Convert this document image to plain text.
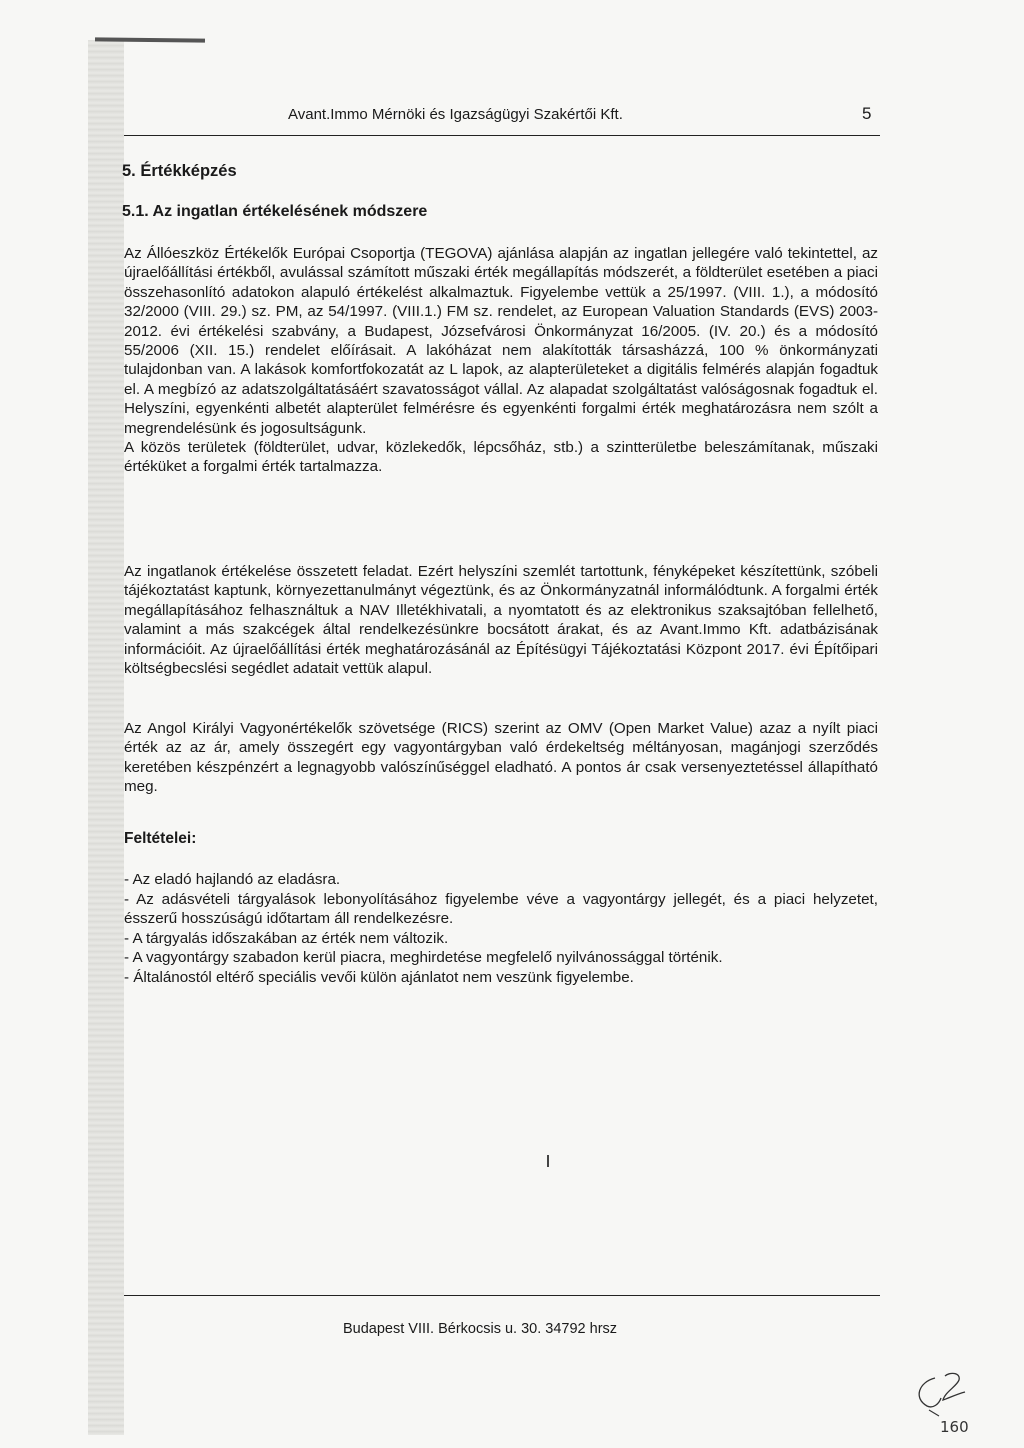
Avant.Immo Mérnöki és Igazságügyi Szakértői Kft.	5
5. Értékképzés
5.1. Az ingatlan értékelésének módszere
Az Állóeszköz Értékelők Európai Csoportja (TEGOVA) ajánlása alapján az ingatlan jellegére való tekintettel, az újraelőállítási értékből, avulással számított műszaki érték megállapítás módszerét, a földterület esetében a piaci összehasonlító adatokon alapuló értékelést alkalmaztuk. Figyelembe vettük a 25/1997. (VIII. 1.), a módosító 32/2000 (VIII. 29.) sz. PM, az 54/1997. (VIII.1.) FM sz. rendelet, az European Valuation Standards (EVS) 2003-2012. évi értékelési szabvány, a Budapest, Józsefvárosi Önkormányzat 16/2005. (IV. 20.) és a módosító 55/2006 (XII. 15.) rendelet előírásait. A lakóházat nem alakították társasházzá, 100 % önkormányzati tulajdonban van. A lakások komfortfokozatát az L lapok, az alapterületeket a digitális felmérés alapján fogadtuk el. A megbízó az adatszolgáltatásáért szavatosságot vállal. Az alapadat szolgáltatást valóságosnak fogadtuk el. Helyszíni, egyenkénti albetét alapterület felmérésre és egyenkénti forgalmi érték meghatározásra nem szólt a megrendelésünk és jogosultságunk.
A közös területek (földterület, udvar, közlekedők, lépcsőház, stb.) a szintterületbe beleszámítanak, műszaki értéküket a forgalmi érték tartalmazza.
Az ingatlanok értékelése összetett feladat. Ezért helyszíni szemlét tartottunk, fényképeket készítettünk, szóbeli tájékoztatást kaptunk, környezettanulmányt végeztünk, és az Önkormányzatnál informálódtunk. A forgalmi érték megállapításához felhasználtuk a NAV Illetékhivatali, a nyomtatott és az elektronikus szaksajtóban fellelhető, valamint a más szakcégek által rendelkezésünkre bocsátott árakat, és az Avant.Immo Kft. adatbázisának információit. Az újraelőállítási érték meghatározásánál az Építésügyi Tájékoztatási Központ 2017. évi Építőipari költségbecslési segédlet adatait vettük alapul.
Az Angol Királyi Vagyonértékelők szövetsége (RICS) szerint az OMV (Open Market Value) azaz a nyílt piaci érték az az ár, amely összegért egy vagyontárgyban való érdekeltség méltányosan, magánjogi szerződés keretében készpénzért a legnagyobb valószínűséggel eladható. A pontos ár csak versenyeztetéssel állapítható meg.
Feltételei:
- Az eladó hajlandó az eladásra.
- Az adásvételi tárgyalások lebonyolításához figyelembe véve a vagyontárgy jellegét, és a piaci helyzetet, ésszerű hosszúságú időtartam áll rendelkezésre.
- A tárgyalás időszakában az érték nem változik.
- A vagyontárgy szabadon kerül piacra, meghirdetése megfelelő nyilvánossággal történik.
- Általánostól eltérő speciális vevői külön ajánlatot nem veszünk figyelembe.
Budapest VIII. Bérkocsis u. 30. 34792 hrsz
160
